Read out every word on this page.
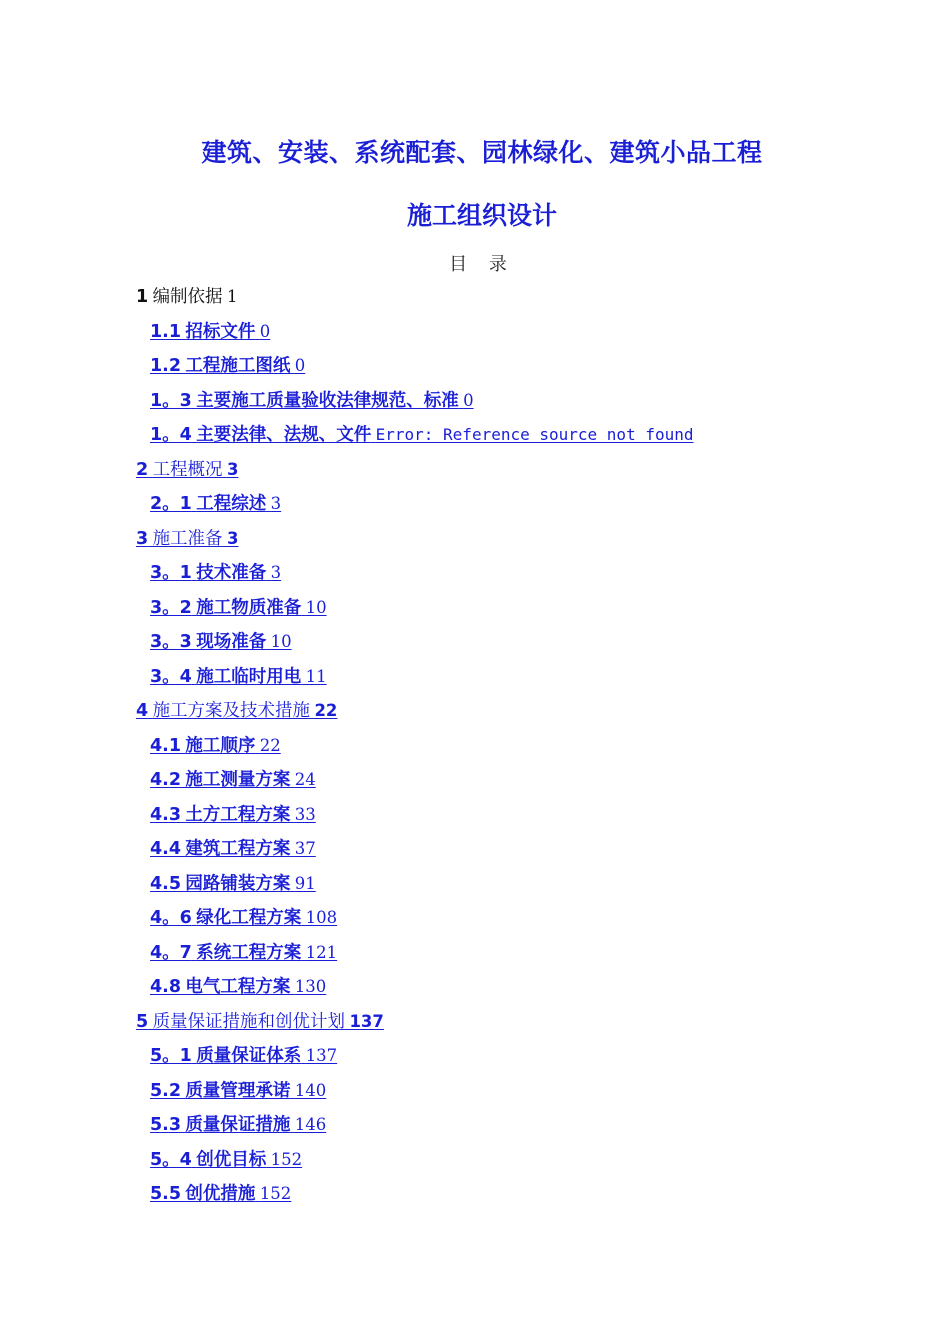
建筑、安装、系统配套、园林绿化、建筑小品工程
施工组织设计
目 录
1 编制依据 1
1.1 招标文件 0
1.2 工程施工图纸 0
1。3 主要施工质量验收法律规范、标准 0
1。4 主要法律、法规、文件 Error: Reference source not found
2 工程概况 3
2。1 工程综述 3
3 施工准备 3
3。1 技术准备 3
3。2 施工物质准备 10
3。3 现场准备 10
3。4 施工临时用电 11
4 施工方案及技术措施 22
4.1 施工顺序 22
4.2 施工测量方案 24
4.3 土方工程方案 33
4.4 建筑工程方案 37
4.5 园路铺装方案 91
4。6 绿化工程方案 108
4。7 系统工程方案 121
4.8 电气工程方案 130
5 质量保证措施和创优计划 137
5。1 质量保证体系 137
5.2 质量管理承诺 140
5.3 质量保证措施 146
5。4 创优目标 152
5.5 创优措施 152
